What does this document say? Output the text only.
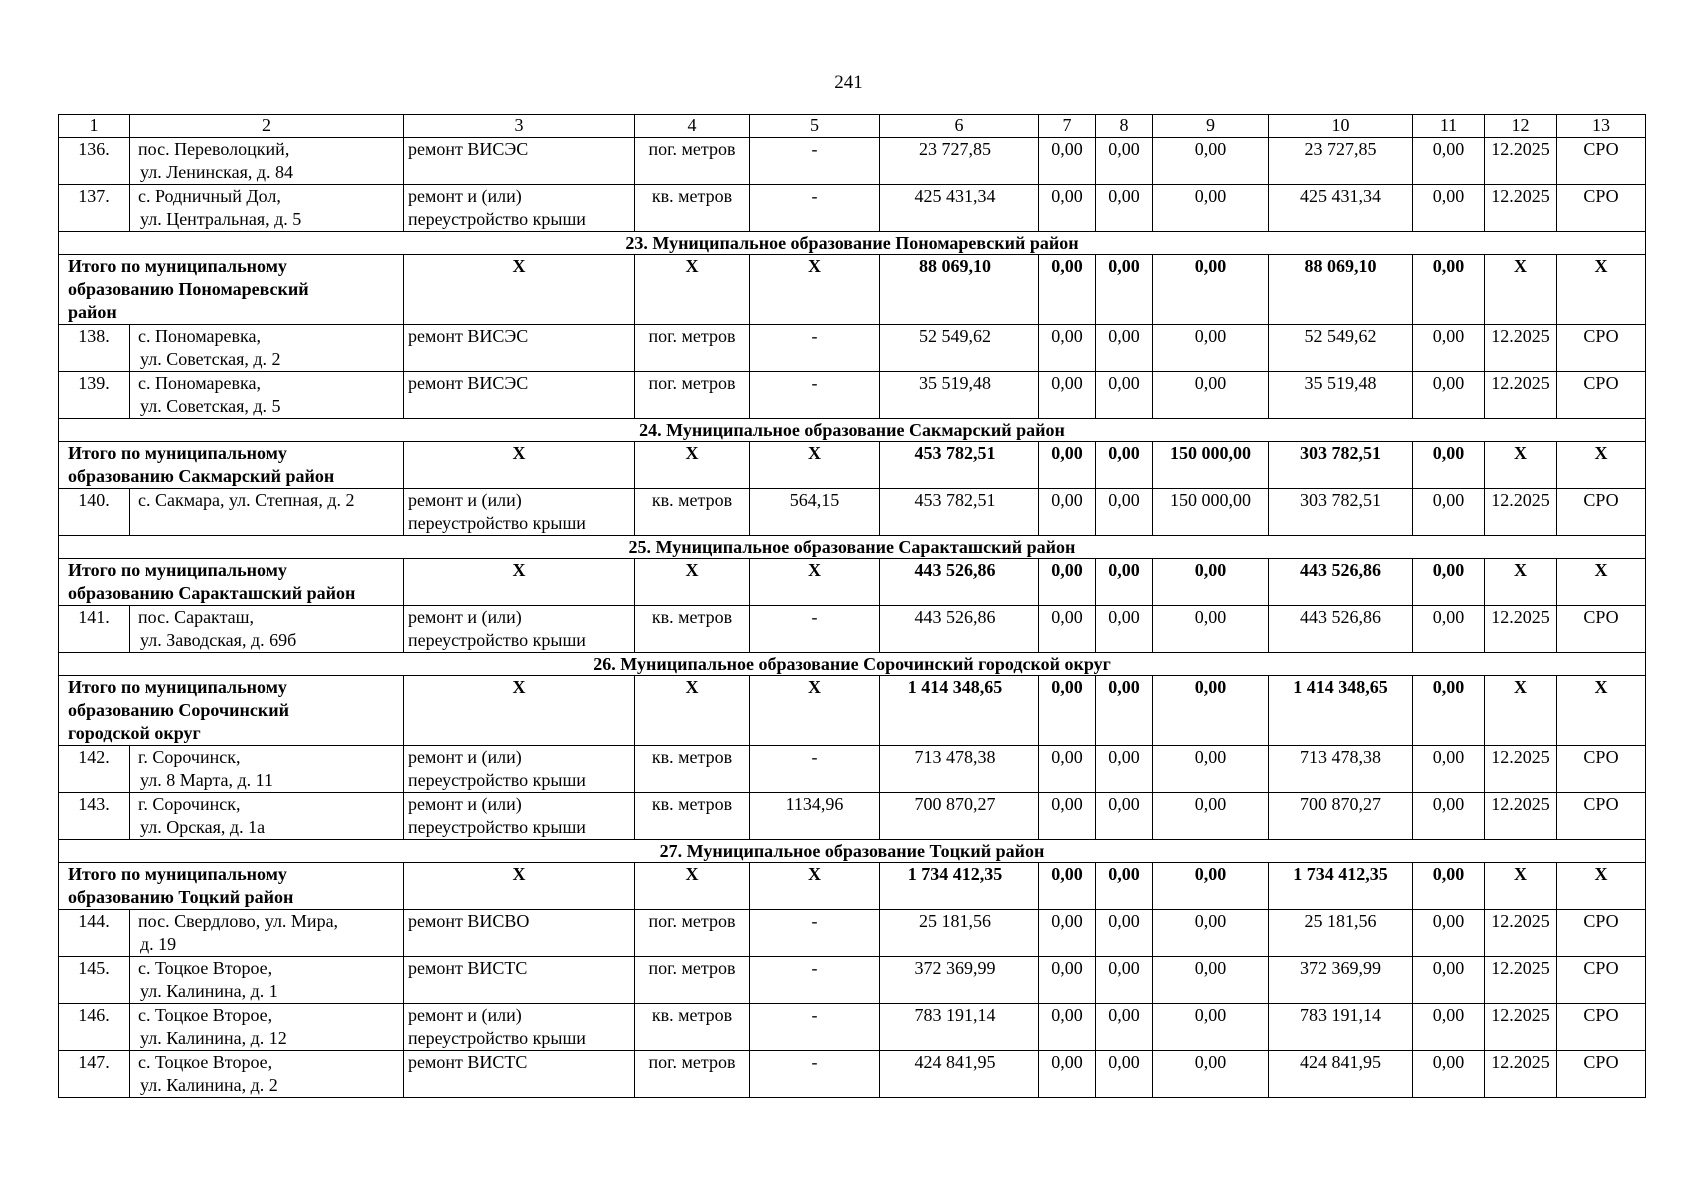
241
1	2	3	4	5	6	7	8	9	10	11	12	13
136.	пос. Переволоцкий,
ул. Ленинская, д. 84	ремонт ВИСЭС	пог. метров	-	23 727,85	0,00	0,00	0,00	23 727,85	0,00	12.2025	СРО
137.	с. Родничный Дол,
ул. Центральная, д. 5	ремонт и (или)
переустройство крыши	кв. метров	-	425 431,34	0,00	0,00	0,00	425 431,34	0,00	12.2025	СРО
23. Муниципальное образование Пономаревский район												

Итого по муниципальному
образованию Пономаревский
район		Х	Х	Х	88 069,10	0,00	0,00	0,00	88 069,10	0,00	Х	Х
138.	с. Пономаревка,
ул. Советская, д. 2	ремонт ВИСЭС	пог. метров	-	52 549,62	0,00	0,00	0,00	52 549,62	0,00	12.2025	СРО
139.	с. Пономаревка,
ул. Советская, д. 5	ремонт ВИСЭС	пог. метров	-	35 519,48	0,00	0,00	0,00	35 519,48	0,00	12.2025	СРО
24. Муниципальное образование Сакмарский район												

Итого по муниципальному
образованию Сакмарский район		Х	Х	Х	453 782,51	0,00	0,00	150 000,00	303 782,51	0,00	Х	Х
140.	с. Сакмара, ул. Степная, д. 2	ремонт и (или)
переустройство крыши	кв. метров	564,15	453 782,51	0,00	0,00	150 000,00	303 782,51	0,00	12.2025	СРО
25. Муниципальное образование Саракташский район												

Итого по муниципальному
образованию Саракташский район		Х	Х	Х	443 526,86	0,00	0,00	0,00	443 526,86	0,00	Х	Х
141.	пос. Саракташ,
ул. Заводская, д. 69б	ремонт и (или)
переустройство крыши	кв. метров	-	443 526,86	0,00	0,00	0,00	443 526,86	0,00	12.2025	СРО
26. Муниципальное образование Сорочинский городской округ												

Итого по муниципальному
образованию Сорочинский
городской округ		Х	Х	Х	1 414 348,65	0,00	0,00	0,00	1 414 348,65	0,00	Х	Х
142.	г. Сорочинск,
ул. 8 Марта, д. 11	ремонт и (или)
переустройство крыши	кв. метров	-	713 478,38	0,00	0,00	0,00	713 478,38	0,00	12.2025	СРО
143.	г. Сорочинск,
ул. Орская, д. 1а	ремонт и (или)
переустройство крыши	кв. метров	1134,96	700 870,27	0,00	0,00	0,00	700 870,27	0,00	12.2025	СРО
27. Муниципальное образование Тоцкий район												

Итого по муниципальному
образованию Тоцкий район		Х	Х	Х	1 734 412,35	0,00	0,00	0,00	1 734 412,35	0,00	Х	Х
144.	пос. Свердлово, ул. Мира,
д. 19	ремонт ВИСВО	пог. метров	-	25 181,56	0,00	0,00	0,00	25 181,56	0,00	12.2025	СРО
145.	с. Тоцкое Второе,
ул. Калинина, д. 1	ремонт ВИСТС	пог. метров	-	372 369,99	0,00	0,00	0,00	372 369,99	0,00	12.2025	СРО
146.	с. Тоцкое Второе,
ул. Калинина, д. 12	ремонт и (или)
переустройство крыши	кв. метров	-	783 191,14	0,00	0,00	0,00	783 191,14	0,00	12.2025	СРО
147.	с. Тоцкое Второе,
ул. Калинина, д. 2	ремонт ВИСТС	пог. метров	-	424 841,95	0,00	0,00	0,00	424 841,95	0,00	12.2025	СРО
